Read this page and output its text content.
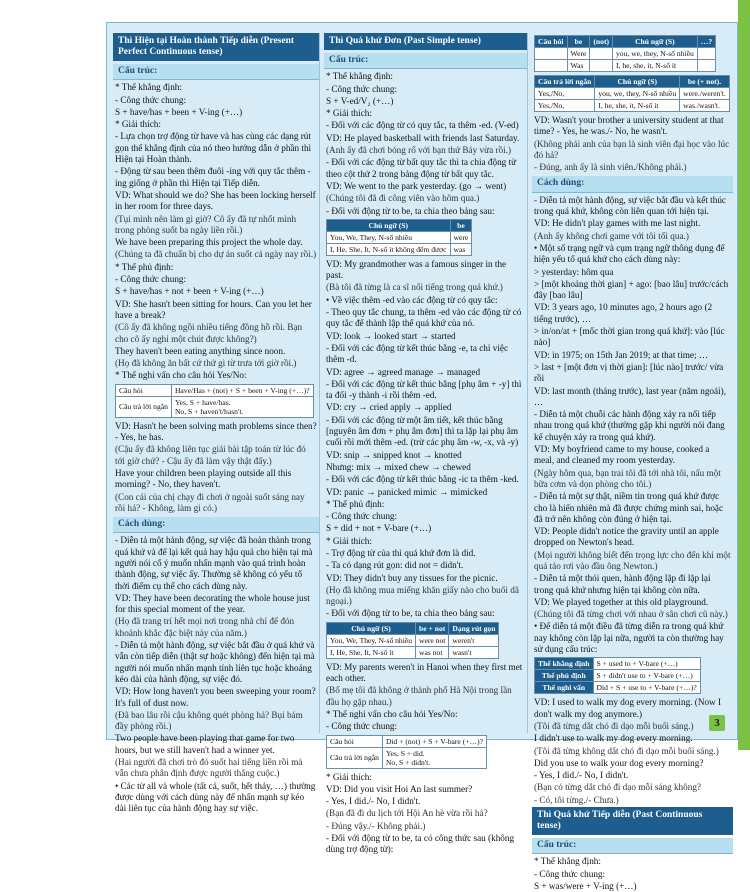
Thì Hiện tại Hoàn thành Tiếp diễn (Present Perfect Continuous tense)
Cấu trúc:
* Thể khẳng định:
- Công thức chung:
S + have/has + been + V-ing (+…)
* Giải thích:
- Lựa chọn trợ động từ have và has cùng các dạng rút gọn thể khẳng định của nó theo hướng dẫn ở phần thì Hiện tại Hoàn thành.
- Động từ sau been thêm đuôi -ing với quy tắc thêm -ing giống ở phần thì Hiện tại Tiếp diễn.
VD: What should we do? She has been locking herself in her room for three days.
(Tụi mình nên làm gì giờ? Cô ấy đã tự nhốt mình trong phòng suốt ba ngày liền rồi.)
We have been preparing this project the whole day.
(Chúng ta đã chuẩn bị cho dự án suốt cả ngày nay rồi.)
* Thể phủ định:
- Công thức chung:
S + have/has + not + been + V-ing (+…)
VD: She hasn't been sitting for hours. Can you let her have a break?
(Cô ấy đã không ngồi nhiều tiếng đồng hồ rồi. Bạn cho cô ấy nghỉ một chút được không?)
They haven't been eating anything since noon.
(Họ đã không ăn bất cứ thứ gì từ trưa tới giờ rồi.)
* Thể nghi vấn cho câu hỏi Yes/No:
Câu hỏi	Have/Has + (not) + S + been + V-ing (+…)?
Câu trả lời ngắn	Yes, S + have/has.
No, S + haven't/hasn't.
VD: Hasn't he been solving math problems since then? - Yes, he has.
(Cậu ấy đã không liên tục giải bài tập toán từ lúc đó tới giờ chứ? - Cậu ấy đã làm vậy thật đấy.)
Have your children been playing outside all this morning? - No, they haven't.
(Con cái của chị chạy đi chơi ở ngoài suốt sáng nay rồi hả? - Không, làm gì có.)
Cách dùng:
- Diễn tả một hành động, sự việc đã hoàn thành trong quá khứ và để lại kết quả hay hậu quả cho hiện tại mà người nói cố ý muốn nhấn mạnh vào quá trình hoàn thành động, sự việc ấy. Thường sẽ không có yếu tố thời điểm cụ thể cho cách dùng này.
VD: They have been decorating the whole house just for this special moment of the year.
(Họ đã trang trí hết mọi nơi trong nhà chỉ để đón khoảnh khắc đặc biệt này của năm.)
- Diễn tả một hành động, sự việc bắt đầu ở quá khứ và vẫn còn tiếp diễn (thật sự hoặc không) đến hiện tại mà người nói muốn nhấn mạnh tính liên tục hoặc khoảng kéo dài của hành động, sự việc đó.
VD: How long haven't you been sweeping your room? It's full of dust now.
(Đã bao lâu rồi cậu không quét phòng hả? Bụi bám đầy phòng rồi.)
Two people have been playing that game for two hours, but we still haven't had a winner yet.
(Hai người đã chơi trò đó suốt hai tiếng liền rồi mà vẫn chưa phân định được người thắng cuộc.)
• Các từ all và whole (tất cả, suốt, hết thảy, …) thường được dùng với cách dùng này để nhấn mạnh sự kéo dài liên tục của hành động hay sự việc.
Thì Quá khứ Đơn (Past Simple tense)
Cấu trúc:
* Thể khẳng định:
- Công thức chung:
S + V-ed/V₂ (+…)
* Giải thích:
- Đối với các động từ có quy tắc, ta thêm -ed. (V-ed)
VD: He played basketball with friends last Saturday.
(Anh ấy đã chơi bóng rổ với bạn thứ Bảy vừa rồi.)
- Đối với các động từ bất quy tắc thì ta chia động từ theo cột thứ 2 trong bảng động từ bất quy tắc.
VD: We went to the park yesterday. (go → went)
(Chúng tôi đã đi công viên vào hôm qua.)
- Đối với động từ to be, ta chia theo bảng sau:
Chủ ngữ (S)	be
You, We, They, N-số nhiều	were
I, He, She, It, N-số ít không đếm được	was
VD: My grandmother was a famous singer in the past.
(Bà tôi đã từng là ca sĩ nổi tiếng trong quá khứ.)
• Về việc thêm -ed vào các động từ có quy tắc:
- Theo quy tắc chung, ta thêm -ed vào các động từ có quy tắc để thành lập thể quá khứ của nó.
VD: look → looked start → started
- Đối với các động từ kết thúc bằng -e, ta chỉ việc thêm -d.
VD: agree → agreed manage → managed
- Đối với các động từ kết thúc bằng [phụ âm + -y] thì ta đổi -y thành -i rồi thêm -ed.
VD: cry → cried apply → applied
- Đối với các động từ một âm tiết, kết thúc bằng [nguyên âm đơn + phụ âm đơn] thì ta lặp lại phụ âm cuối rồi mới thêm -ed. (trừ các phụ âm -w, -x, và -y)
VD: snip → snipped knot → knotted
Nhưng: mix → mixed chew → chewed
- Đối với các động từ kết thúc bằng -ic ta thêm -ked.
VD: panic → panicked mimic → mimicked
* Thể phủ định:
- Công thức chung:
S + did + not + V-bare (+…)
* Giải thích:
- Trợ động từ của thì quá khứ đơn là did.
- Ta có dạng rút gọn: did not = didn't.
VD: They didn't buy any tissues for the picnic.
(Họ đã không mua miếng khăn giấy nào cho buổi dã ngoại.)
- Đối với động từ to be, ta chia theo bảng sau:
Chủ ngữ (S)	be + not	Dạng rút gọn
You, We, They, N-số nhiều	were not	weren't
I, He, She, It, N-số ít	was not	wasn't
VD: My parents weren't in Hanoi when they first met each other.
(Bố mẹ tôi đã không ở thành phố Hà Nội trong lần đầu họ gặp nhau.)
* Thể nghi vấn cho câu hỏi Yes/No:
- Công thức chung:
Câu hỏi	Did + (not) + S + V-bare (+…)?
Câu trả lời ngắn	Yes, S + did.
No, S + didn't.
* Giải thích:
VD: Did you visit Hoi An last summer?
- Yes, I did./- No, I didn't.
(Bạn đã đi du lịch tới Hội An hè vừa rồi hả?
- Đúng vậy./- Không phải.)
- Đối với động từ to be, ta có công thức sau (không dùng trợ động từ):
Câu hỏi	be	(not)	Chủ ngữ (S)	…?
	Were		you, we, they, N-số nhiều	
	Was		I, he, she, it, N-số ít	
Câu trả lời ngắn	Chủ ngữ (S)	be (+ not).
Yes,/No,	you, we, they, N-số nhiều	were./weren't.
Yes,/No,	I, he, she, it, N-số ít	was./wasn't.
VD: Wasn't your brother a university student at that time? - Yes, he was./- No, he wasn't.
(Không phải anh của bạn là sinh viên đại học vào lúc đó hả?
- Đúng, anh ấy là sinh viên./Không phải.)
Cách dùng:
- Diễn tả một hành động, sự việc bắt đầu và kết thúc trong quá khứ, không còn liên quan tới hiện tại.
VD: He didn't play games with me last night.
(Anh ấy không chơi game với tôi tối qua.)
• Một số trạng ngữ và cụm trạng ngữ thông dụng để hiện yếu tố quá khứ cho cách dùng này:
> yesterday: hôm qua
> [một khoảng thời gian] + ago: [bao lâu] trước/cách đây [bao lâu]
VD: 3 years ago, 10 minutes ago, 2 hours ago (2 tiếng trước), …
> in/on/at + [mốc thời gian trong quá khứ]: vào [lúc nào]
VD: in 1975; on 15th Jan 2019; at that time; …
> last + [một đơn vị thời gian]: [lúc nào] trước/ vừa rồi
VD: last month (tháng trước), last year (năm ngoái), …
- Diễn tả một chuỗi các hành động xảy ra nối tiếp nhau trong quá khứ (thường gặp khi người nói đang kể chuyện xảy ra trong quá khứ).
VD: My boyfriend came to my house, cooked a meal, and cleaned my room yesterday.
(Ngày hôm qua, bạn trai tôi đã tới nhà tôi, nấu một bữa cơm và dọn phòng cho tôi.)
- Diễn tả một sự thật, niềm tin trong quá khứ được cho là hiển nhiên mà đã được chứng minh sai, hoặc đã trở nên không còn đúng ở hiện tại.
VD: People didn't notice the gravity until an apple dropped on Newton's head.
(Mọi người không biết đến trọng lực cho đến khi một quả táo rơi vào đầu ông Newton.)
- Diễn tả một thói quen, hành động lặp đi lặp lại trong quá khứ nhưng hiện tại không còn nữa.
VD: We played together at this old playground.
(Chúng tôi đã từng chơi với nhau ở sân chơi cũ này.)
• Để diễn tả một điều đã từng diễn ra trong quá khứ nay không còn lặp lại nữa, người ta còn thường hay sử dụng cấu trúc:
Thể khẳng định	S + used to + V-bare (+…)
Thể phủ định	S + didn't use to + V-bare (+…)
Thể nghi vấn	Did + S + use to + V-bare (+…)?
VD: I used to walk my dog every morning. (Now I don't walk my dog anymore.)
(Tôi đã từng dắt chó đi dạo mỗi buổi sáng.)
I didn't use to walk my dog every morning.
(Tôi đã từng không dắt chó đi dạo mỗi buổi sáng.)
Did you use to walk your dog every morning?
- Yes, I did./- No, I didn't.
(Bạn có từng dắt chó đi dạo mỗi sáng không?
- Có, tôi từng./- Chưa.)
Thì Quá khứ Tiếp diễn (Past Continuous tense)
Cấu trúc:
* Thể khẳng định:
- Công thức chung:
S + was/were + V-ing (+…)
3
